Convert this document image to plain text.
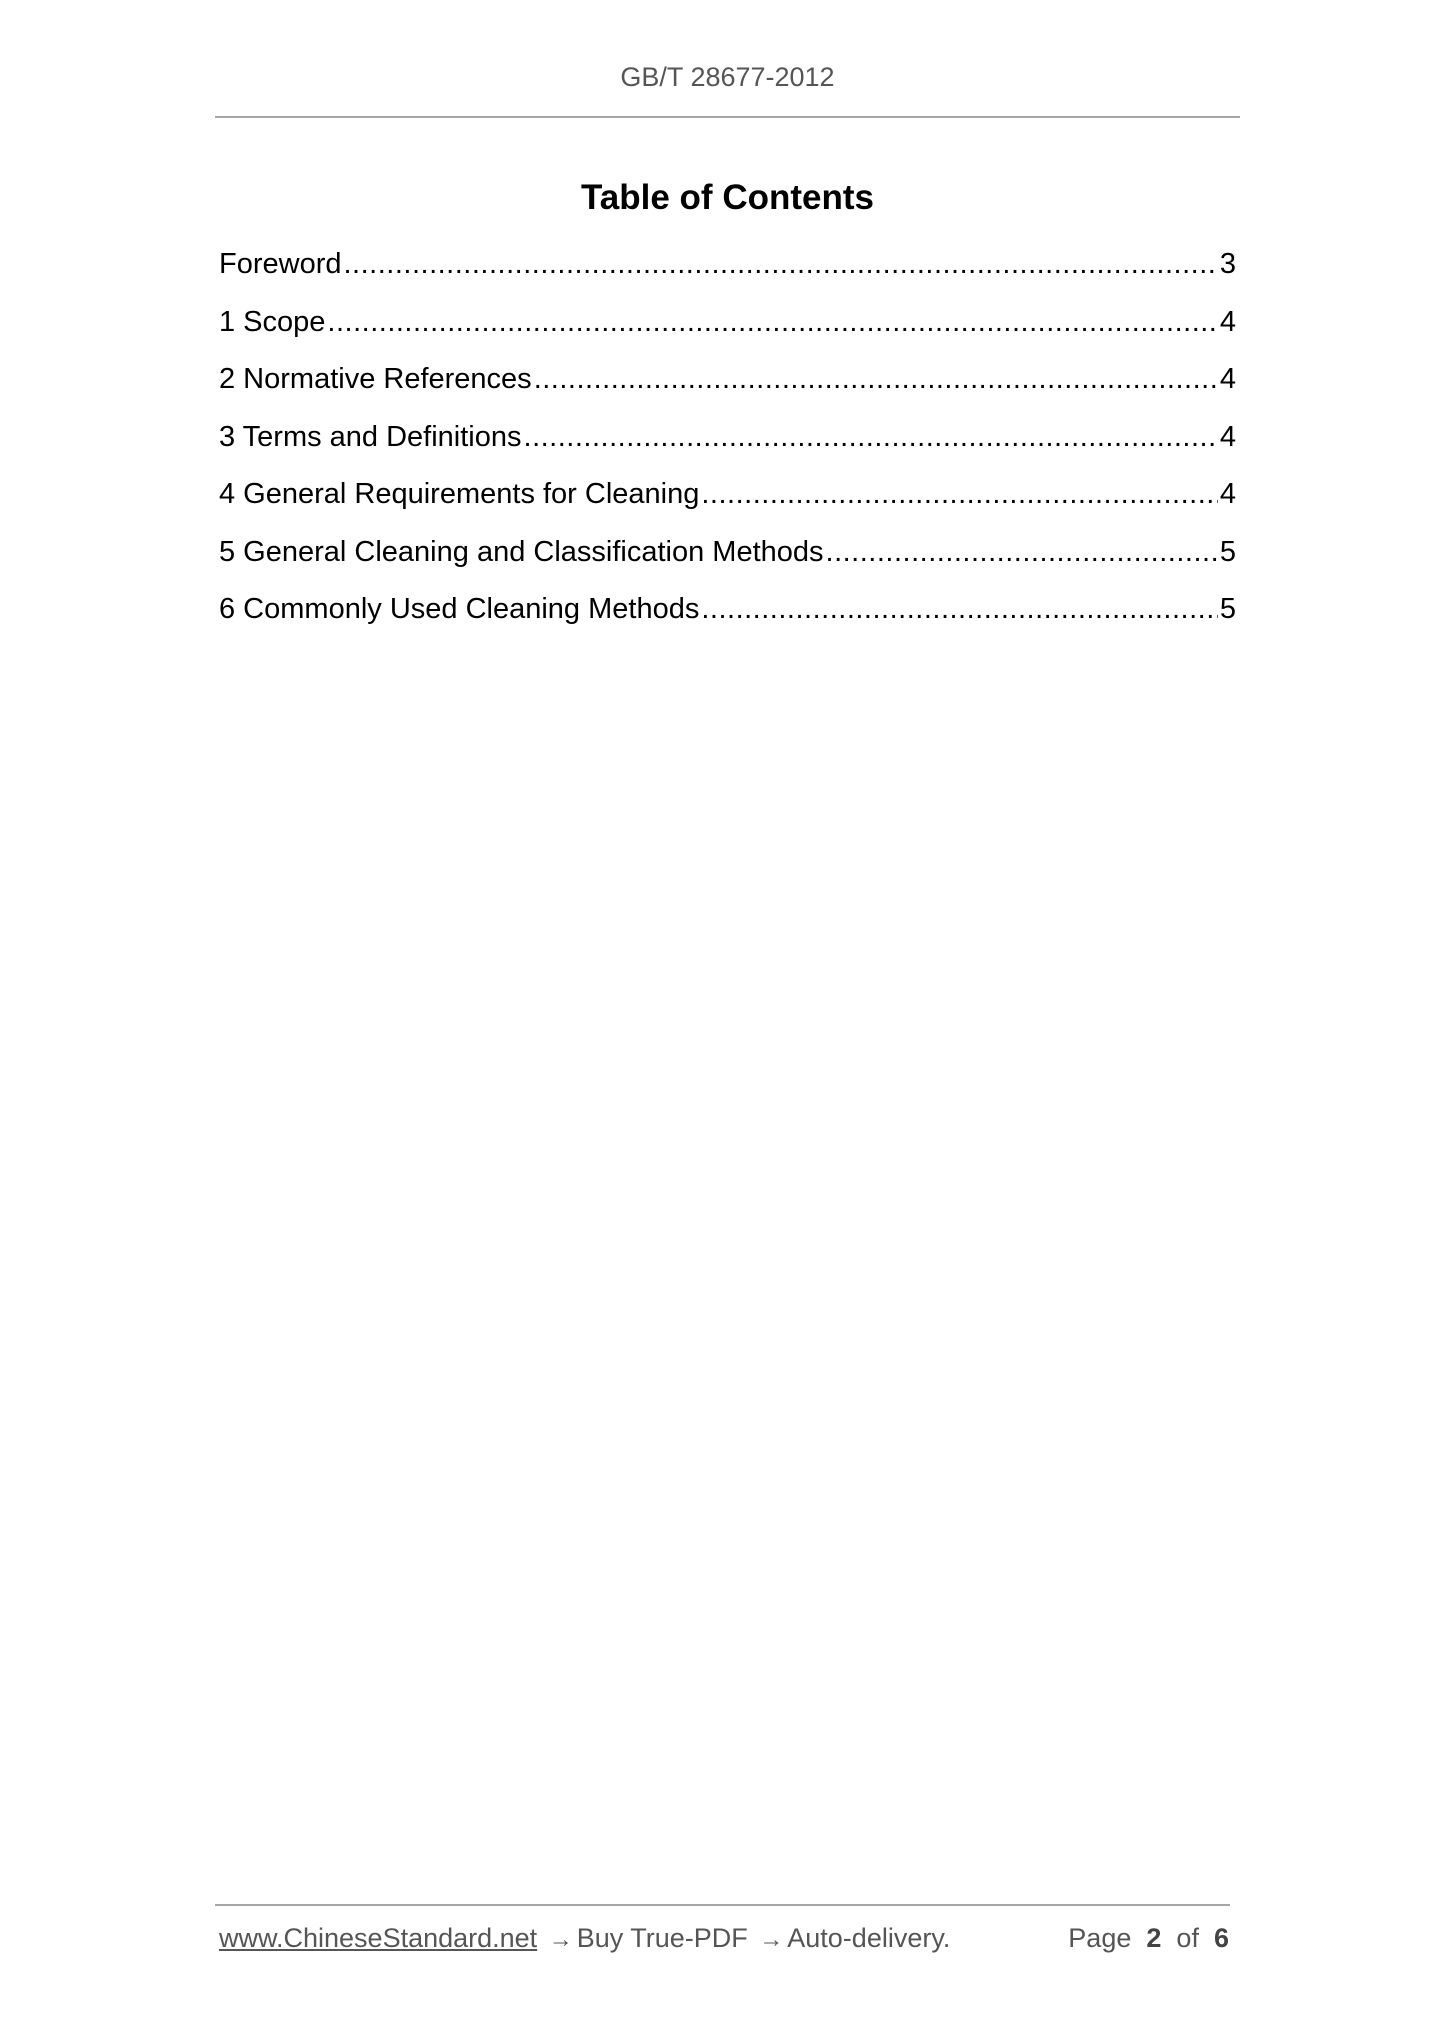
GB/T 28677-2012
Table of Contents
Foreword .....	3
1 Scope .....	4
2 Normative References .....	4
3 Terms and Definitions .....	4
4 General Requirements for Cleaning .....	4
5 General Cleaning and Classification Methods .....	5
6 Commonly Used Cleaning Methods .....	5
www.ChineseStandard.net → Buy True-PDF → Auto-delivery.	Page 2 of 6
